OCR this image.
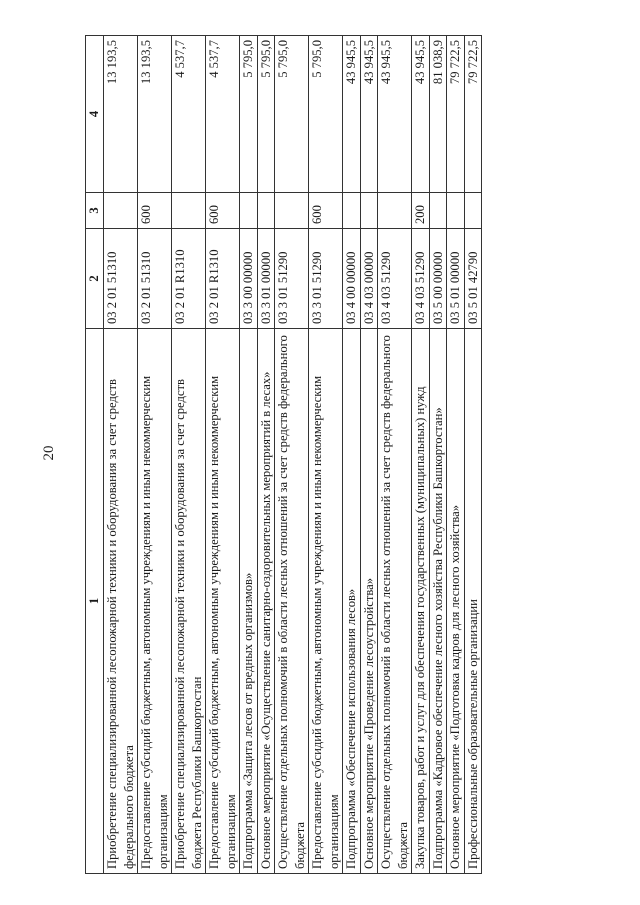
20
1	2	3	4
Приобретение специализированной лесопожарной техники и оборудования за счет средств федерального бюджета	03 2 01 51310		13 193,5
Предоставление субсидий бюджетным, автономным учреждениям и иным некоммерческим организациям	03 2 01 51310	600	13 193,5
Приобретение специализированной лесопожарной техники и оборудования за счет средств бюджета Республики Башкортостан	03 2 01 R1310		4 537,7
Предоставление субсидий бюджетным, автономным учреждениям и иным некоммерческим организациям	03 2 01 R1310	600	4 537,7
Подпрограмма «Защита лесов от вредных организмов»	03 3 00 00000		5 795,0
Основное мероприятие «Осуществление санитарно-оздоровительных мероприятий в лесах»	03 3 01 00000		5 795,0
Осуществление отдельных полномочий в области лесных отношений за счет средств федерального бюджета	03 3 01 51290		5 795,0
Предоставление субсидий бюджетным, автономным учреждениям и иным некоммерческим организациям	03 3 01 51290	600	5 795,0
Подпрограмма «Обеспечение использования лесов»	03 4 00 00000		43 945,5
Основное мероприятие «Проведение лесоустройства»	03 4 03 00000		43 945,5
Осуществление отдельных полномочий в области лесных отношений за счет средств федерального бюджета	03 4 03 51290		43 945,5
Закупка товаров, работ и услуг для обеспечения государственных (муниципальных) нужд	03 4 03 51290	200	43 945,5
Подпрограмма «Кадровое обеспечение лесного хозяйства Республики Башкортостан»	03 5 00 00000		81 038,9
Основное мероприятие «Подготовка кадров для лесного хозяйства»	03 5 01 00000		79 722,5
Профессиональные образовательные организации	03 5 01 42790		79 722,5
